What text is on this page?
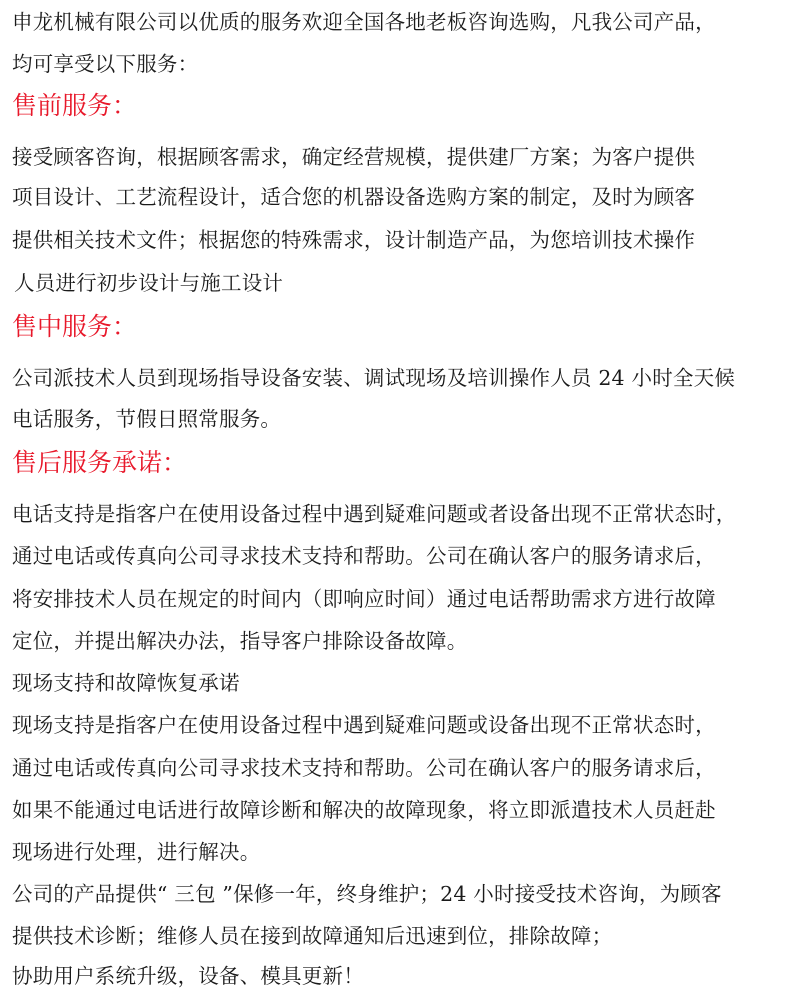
申龙机械有限公司以优质的服务欢迎全国各地老板咨询选购，凡我公司产品，
均可享受以下服务：
售前服务：
接受顾客咨询，根据顾客需求，确定经营规模，提供建厂方案；为客户提供
项目设计、工艺流程设计，适合您的机器设备选购方案的制定，及时为顾客
提供相关技术文件；根据您的特殊需求，设计制造产品，为您培训技术操作
人员进行初步设计与施工设计
售中服务：
公司派技术人员到现场指导设备安装、调试现场及培训操作人员 24 小时全天候
电话服务，节假日照常服务。
售后服务承诺：
电话支持是指客户在使用设备过程中遇到疑难问题或者设备出现不正常状态时，
通过电话或传真向公司寻求技术支持和帮助。公司在确认客户的服务请求后，
将安排技术人员在规定的时间内（即响应时间）通过电话帮助需求方进行故障
定位，并提出解决办法，指导客户排除设备故障。
现场支持和故障恢复承诺
现场支持是指客户在使用设备过程中遇到疑难问题或设备出现不正常状态时，
通过电话或传真向公司寻求技术支持和帮助。公司在确认客户的服务请求后，
如果不能通过电话进行故障诊断和解决的故障现象，将立即派遣技术人员赶赴
现场进行处理，进行解决。
公司的产品提供“ 三包 ”保修一年，终身维护；24 小时接受技术咨询，为顾客
提供技术诊断；维修人员在接到故障通知后迅速到位，排除故障；
协助用户系统升级，设备、模具更新！
